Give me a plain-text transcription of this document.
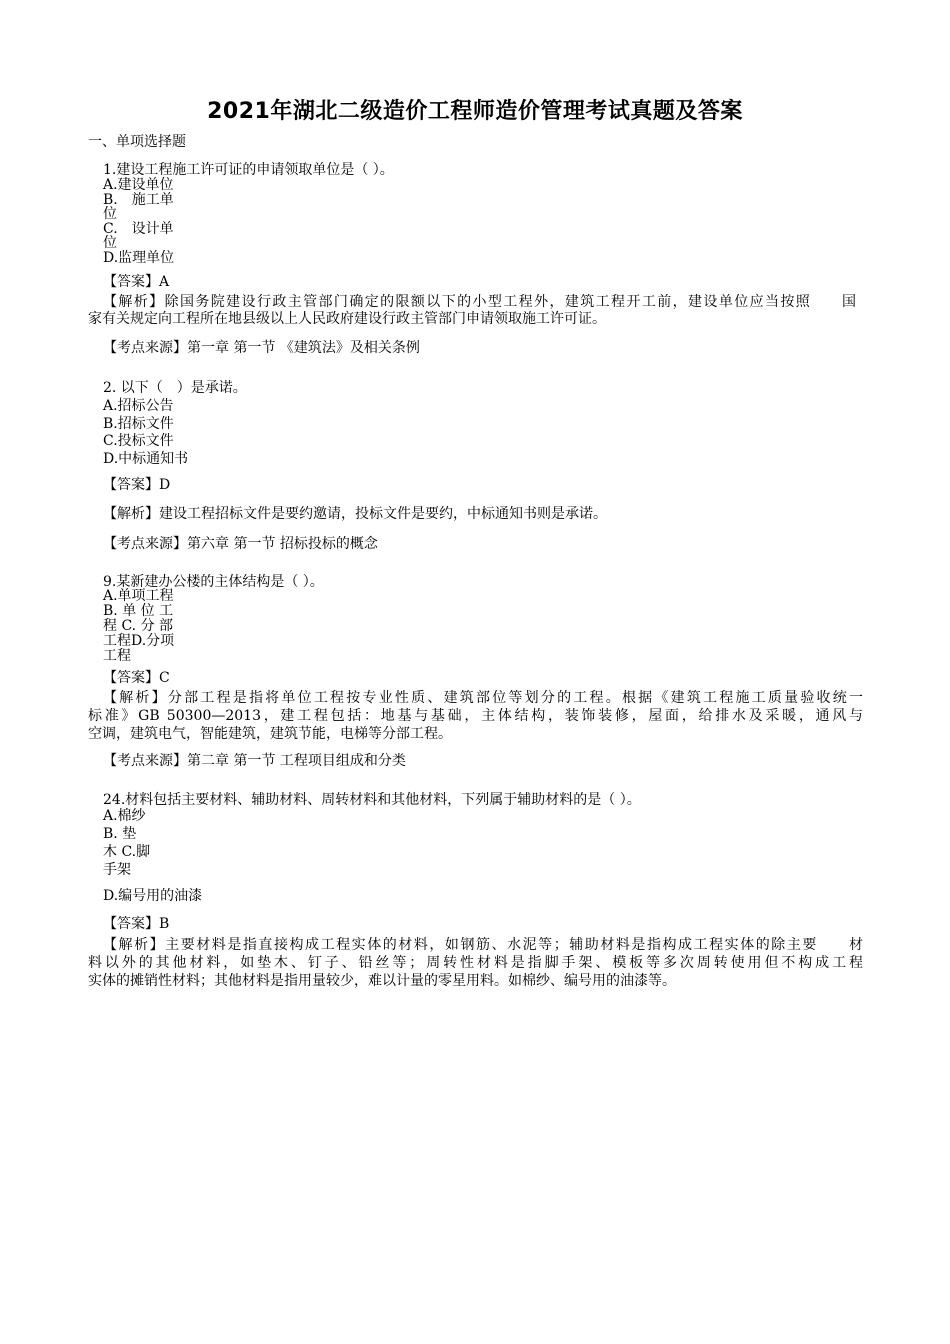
2021年湖北二级造价工程师造价管理考试真题及答案
一、单项选择题
1.建设工程施工许可证的申请领取单位是（ ）。
A.建设单位
B.　施工单
位
C.　设计单
位
D.监理单位
【答案】A
【解析】除国务院建设行政主管部门确定的限额以下的小型工程外，建筑工程开工前，建设单位应当按照　　国
家有关规定向工程所在地县级以上人民政府建设行政主管部门申请领取施工许可证。
【考点来源】第一章 第一节 《建筑法》及相关条例
2. 以下（　）是承诺。
A.招标公告
B.招标文件
C.投标文件
D.中标通知书
【答案】D
【解析】建设工程招标文件是要约邀请，投标文件是要约，中标通知书则是承诺。
【考点来源】第六章 第一节 招标投标的概念
9.某新建办公楼的主体结构是（ ）。
A.单项工程
B. 单 位 工
程 C. 分 部
工程D.分项
工程
【答案】C
【解析】分部工程是指将单位工程按专业性质、建筑部位等划分的工程。根据《建筑工程施工质量验收统一
标准》GB 50300—2013，建工程包括：地基与基础，主体结构，装饰装修，屋面，给排水及采暖，通风与
空调，建筑电气，智能建筑，建筑节能，电梯等分部工程。
【考点来源】第二章 第一节 工程项目组成和分类
24.材料包括主要材料、辅助材料、周转材料和其他材料，下列属于辅助材料的是（ ）。
A.棉纱
B. 垫
木 C.脚
手架
D.编号用的油漆
【答案】B
【解析】主要材料是指直接构成工程实体的材料，如钢筋、水泥等；辅助材料是指构成工程实体的除主要　　材
料以外的其他材料，如垫木、钉子、铅丝等；周转性材料是指脚手架、模板等多次周转使用但不构成工程
实体的摊销性材料；其他材料是指用量较少，难以计量的零星用料。如棉纱、编号用的油漆等。
